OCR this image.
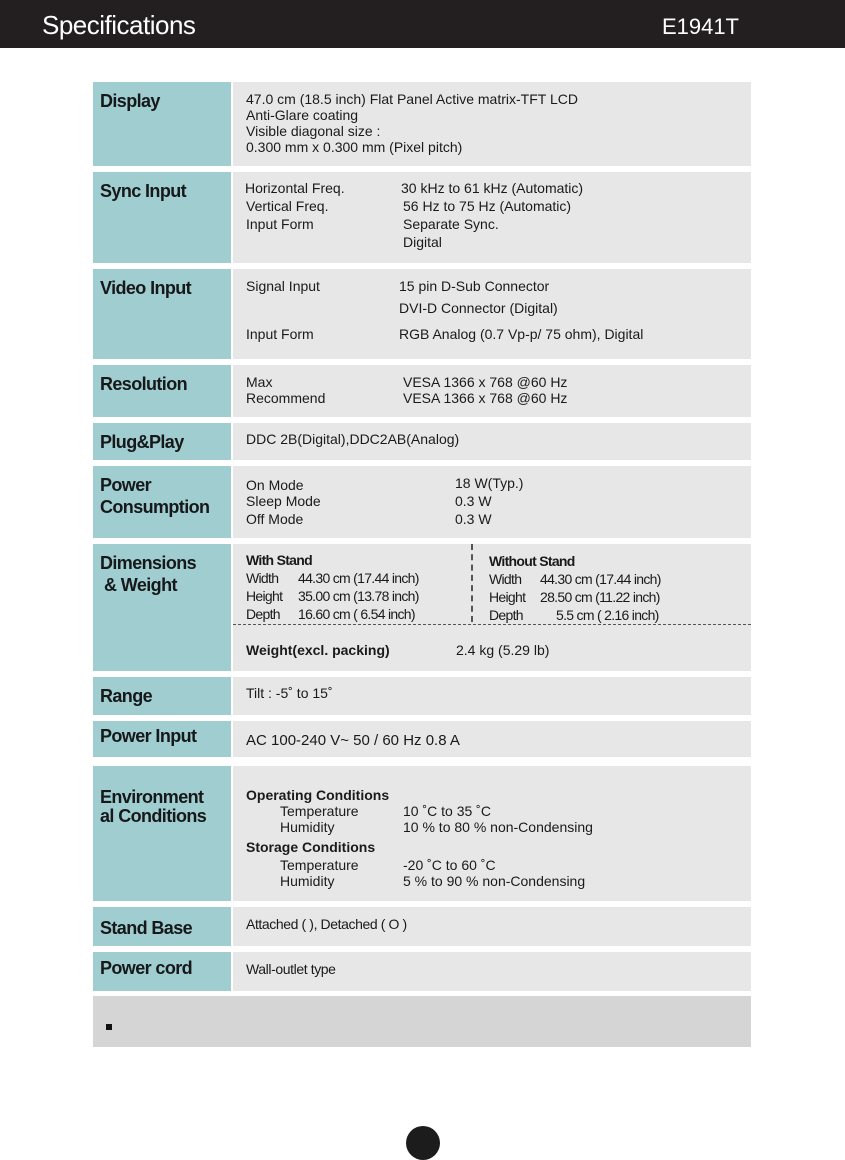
Specifications	E1941T
Display	47.0 cm (18.5 inch) Flat Panel Active matrix-TFT LCD
Anti-Glare coating
Visible diagonal size :
0.300 mm x 0.300 mm (Pixel pitch)
Sync Input	Horizontal Freq.	30 kHz to 61 kHz (Automatic)
Vertical Freq.	56 Hz to 75 Hz (Automatic)
Input Form	Separate Sync.
Digital
Video Input	Signal Input	15 pin D-Sub Connector
DVI-D Connector (Digital)
Input Form	RGB Analog (0.7 Vp-p/ 75 ohm), Digital
Resolution	Max	VESA 1366 x 768 @60 Hz
Recommend	VESA 1366 x 768 @60 Hz
Plug&Play	DDC 2B(Digital),DDC2AB(Analog)
Power
Consumption
On Mode	18 W(Typ.)
Sleep Mode	0.3 W
Off Mode	0.3 W
Dimensions
& Weight
With Stand
Width 44.30 cm (17.44 inch)
Height 35.00 cm (13.78 inch)
Depth 16.60 cm ( 6.54 inch)
Without Stand
Width 44.30 cm (17.44 inch)
Height 28.50 cm (11.22 inch)
Depth 5.5 cm ( 2.16 inch)
Weight(excl. packing)	2.4 kg (5.29 lb)
Range	Tilt : -5˚ to 15˚
Power Input	AC 100-240 V~ 50 / 60 Hz 0.8 A
Environment
al Conditions
Operating Conditions
Temperature	10 ˚C to 35 ˚C
Humidity	10 % to 80 % non-Condensing
Storage Conditions
Temperature	-20 ˚C to 60 ˚C
Humidity	5 % to 90 % non-Condensing
Stand Base	Attached ( ), Detached ( O )
Power cord	Wall-outlet type
